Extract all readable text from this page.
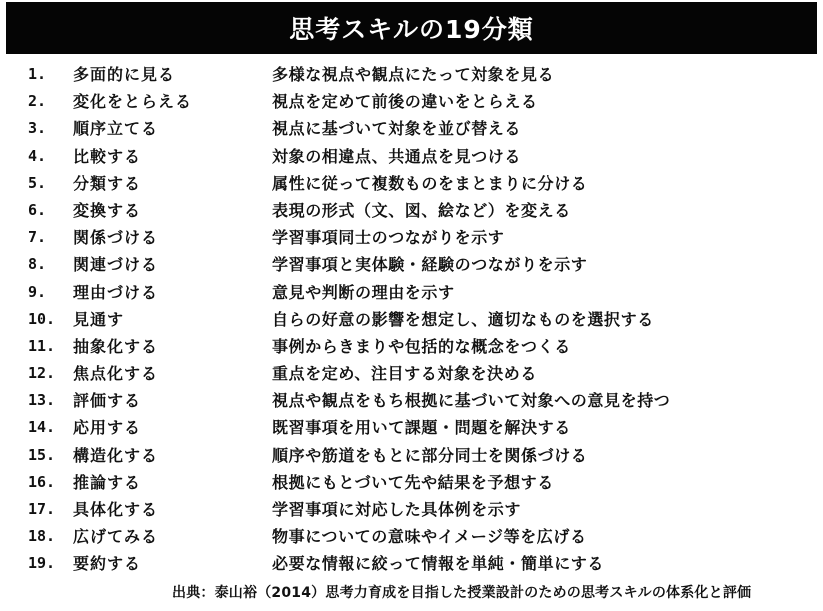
思考スキルの19分類
1. 多面的に見る	多様な視点や観点にたって対象を見る
2. 変化をとらえる	視点を定めて前後の違いをとらえる
3. 順序立てる	視点に基づいて対象を並び替える
4. 比較する	対象の相違点、共通点を見つける
5. 分類する	属性に従って複数ものをまとまりに分ける
6. 変換する	表現の形式（文、図、絵など）を変える
7. 関係づける	学習事項同士のつながりを示す
8. 関連づける	学習事項と実体験・経験のつながりを示す
9. 理由づける	意見や判断の理由を示す
10. 見通す	自らの好意の影響を想定し、適切なものを選択する
11. 抽象化する	事例からきまりや包括的な概念をつくる
12. 焦点化する	重点を定め、注目する対象を決める
13. 評価する	視点や観点をもち根拠に基づいて対象への意見を持つ
14. 応用する	既習事項を用いて課題・問題を解決する
15. 構造化する	順序や筋道をもとに部分同士を関係づける
16. 推論する	根拠にもとづいて先や結果を予想する
17. 具体化する	学習事項に対応した具体例を示す
18. 広げてみる	物事についての意味やイメージ等を広げる
19. 要約する	必要な情報に絞って情報を単純・簡単にする
出典：泰山裕（2014）思考力育成を目指した授業設計のための思考スキルの体系化と評価
